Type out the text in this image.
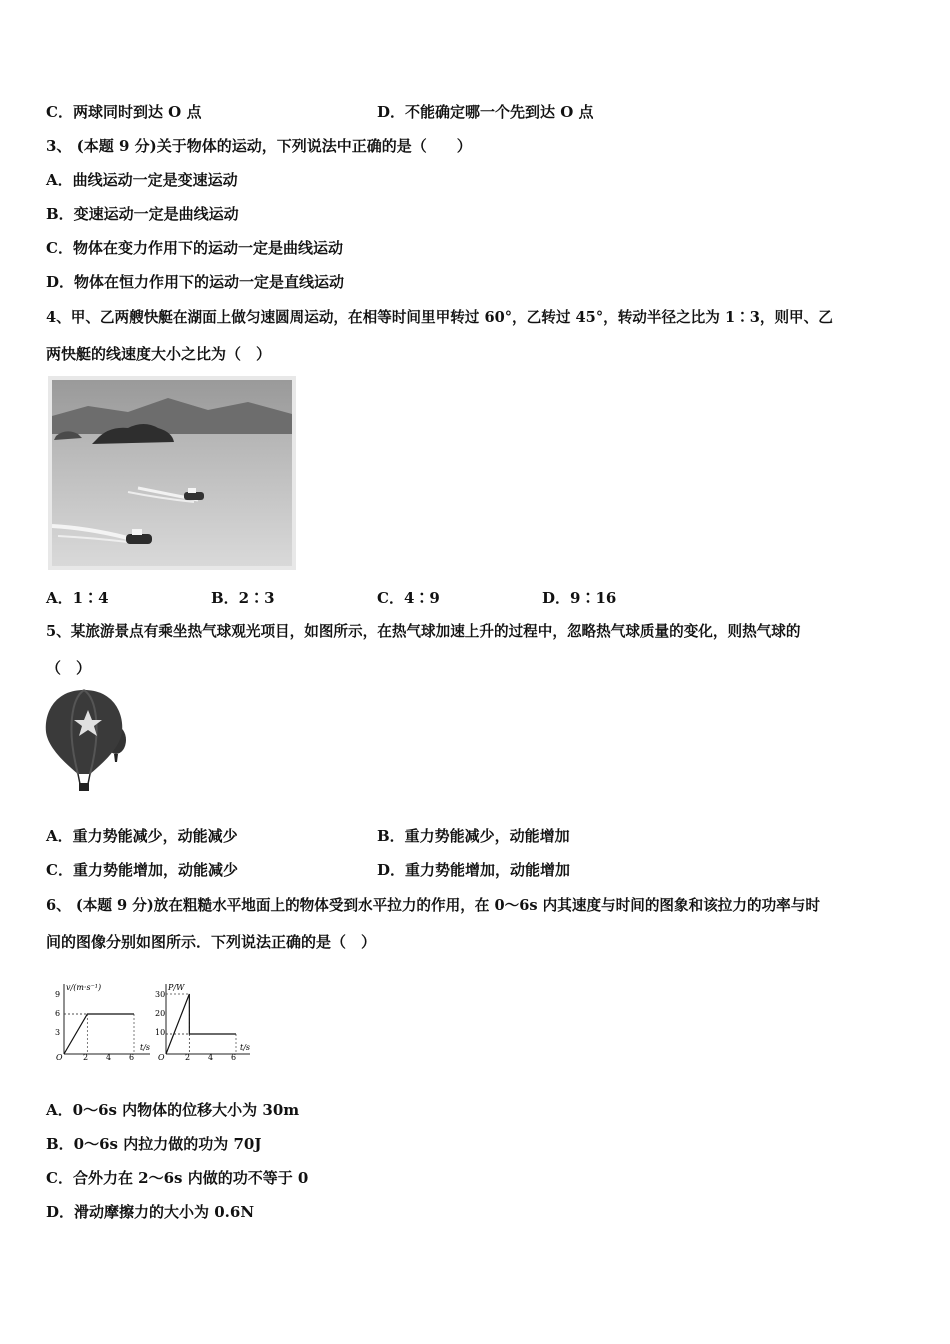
C．两球同时到达 O 点	D．不能确定哪一个先到达 O 点
3、 (本题 9 分)关于物体的运动，下列说法中正确的是（　　）
A．曲线运动一定是变速运动
B．变速运动一定是曲线运动
C．物体在变力作用下的运动一定是曲线运动
D．物体在恒力作用下的运动一定是直线运动
4、甲、乙两艘快艇在湖面上做匀速圆周运动，在相等时间里甲转过 60°，乙转过 45°，转动半径之比为 1∶3，则甲、乙
两快艇的线速度大小之比为（　）
A．1∶4	B．2∶3	C．4∶9	D．9∶16
5、某旅游景点有乘坐热气球观光项目，如图所示，在热气球加速上升的过程中，忽略热气球质量的变化，则热气球的
（　）
A．重力势能减少，动能减少	B．重力势能减少，动能增加
C．重力势能增加，动能减少	D．重力势能增加，动能增加
6、 (本题 9 分)放在粗糙水平地面上的物体受到水平拉力的作用，在 0～6s 内其速度与时间的图象和该拉力的功率与时
间的图像分别如图所示．下列说法正确的是（　）
v/(m·s⁻¹)
t/s
O
9
6
3
2 4 6
P/W
t/s
O
30
20
10
2 4 6
A．0～6s 内物体的位移大小为 30m
B．0～6s 内拉力做的功为 70J
C．合外力在 2～6s 内做的功不等于 0
D．滑动摩擦力的大小为 0.6N
